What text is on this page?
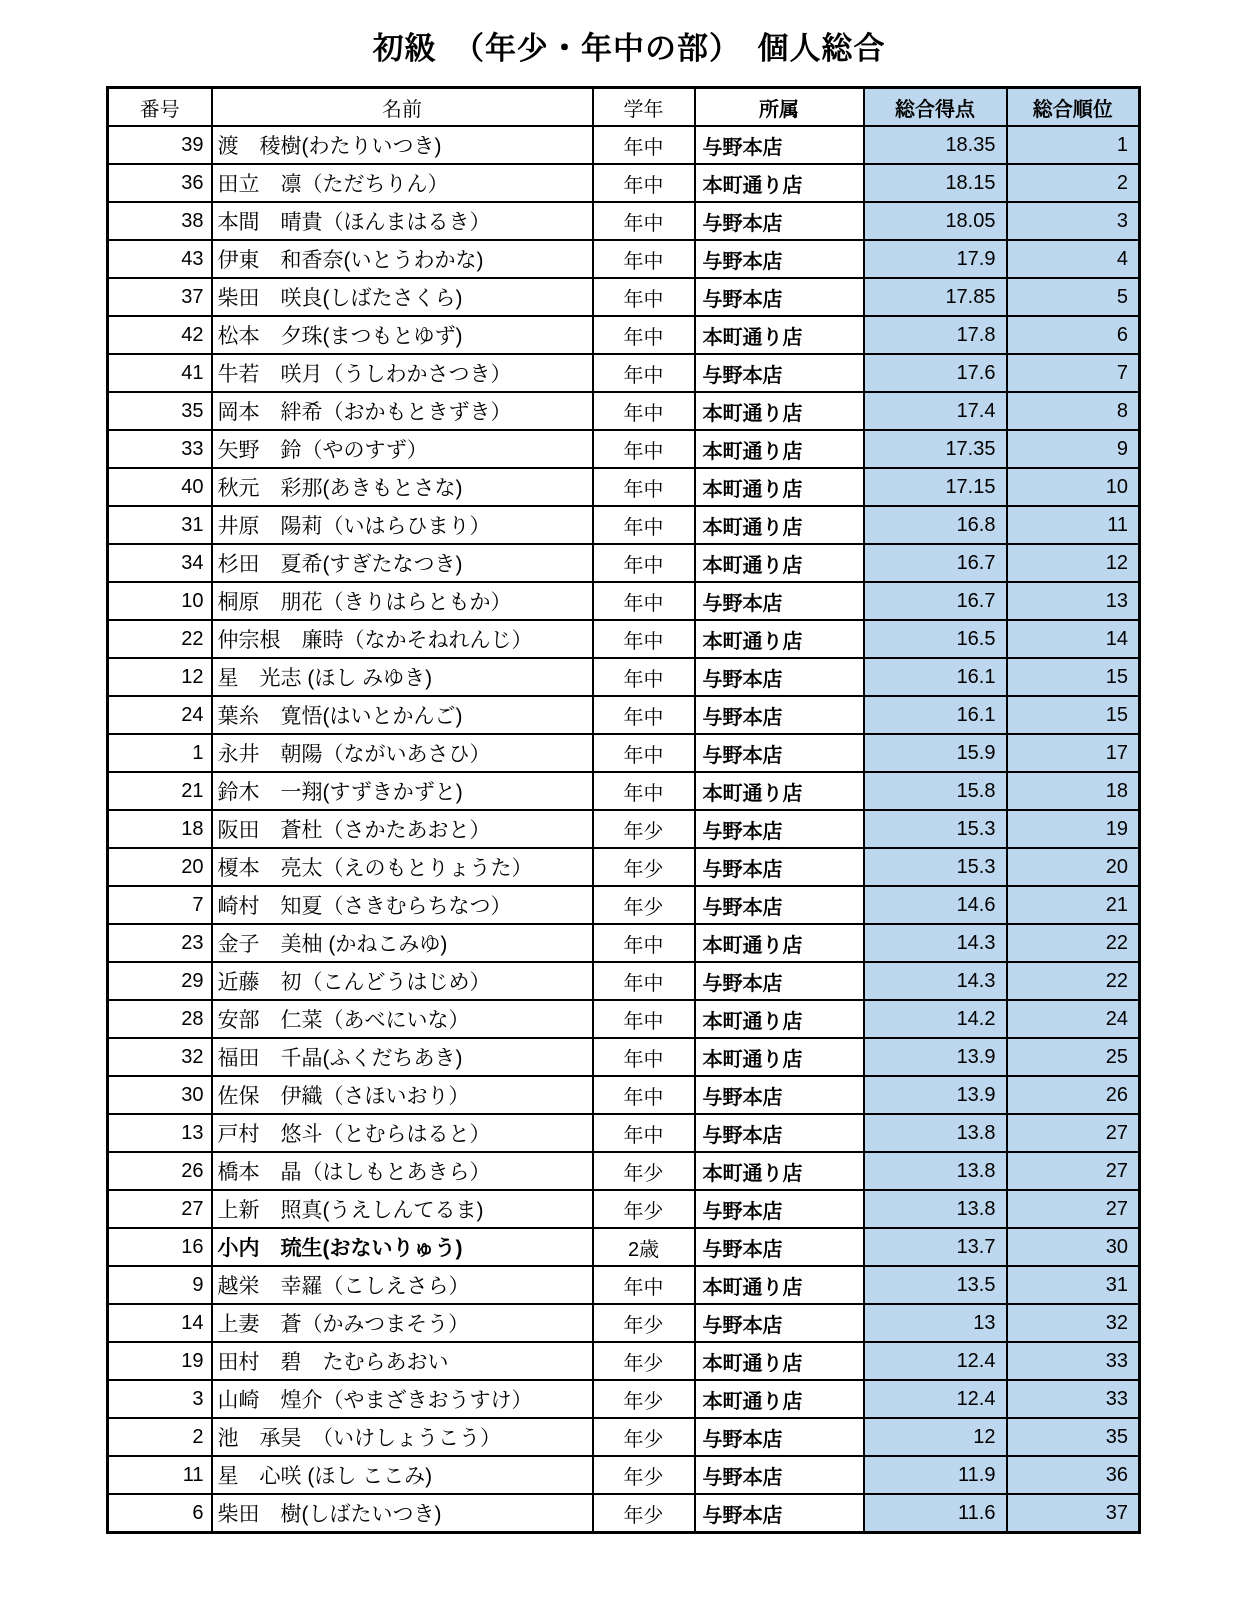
初級　（年少・年中の部）　個人総合
番号	名前	学年	所属	総合得点	総合順位
39	渡　稜樹(わたりいつき)	年中	与野本店	18.35	1
36	田立　凛（ただちりん）	年中	本町通り店	18.15	2
38	本間　晴貴（ほんまはるき）	年中	与野本店	18.05	3
43	伊東　和香奈(いとうわかな)	年中	与野本店	17.9	4
37	柴田　咲良(しばたさくら)	年中	与野本店	17.85	5
42	松本　夕珠(まつもとゆず)	年中	本町通り店	17.8	6
41	牛若　咲月（うしわかさつき）	年中	与野本店	17.6	7
35	岡本　絆希（おかもときずき）	年中	本町通り店	17.4	8
33	矢野　鈴（やのすず）	年中	本町通り店	17.35	9
40	秋元　彩那(あきもとさな)	年中	本町通り店	17.15	10
31	井原　陽莉（いはらひまり）	年中	本町通り店	16.8	11
34	杉田　夏希(すぎたなつき)	年中	本町通り店	16.7	12
10	桐原　朋花（きりはらともか）	年中	与野本店	16.7	13
22	仲宗根　廉時（なかそねれんじ）	年中	本町通り店	16.5	14
12	星　光志 (ほし みゆき)	年中	与野本店	16.1	15
24	葉糸　寛悟(はいとかんご)	年中	与野本店	16.1	15
1	永井　朝陽（ながいあさひ）	年中	与野本店	15.9	17
21	鈴木　一翔(すずきかずと)	年中	本町通り店	15.8	18
18	阪田　蒼杜（さかたあおと）	年少	与野本店	15.3	19
20	榎本　亮太（えのもとりょうた）	年少	与野本店	15.3	20
7	崎村　知夏（さきむらちなつ）	年少	与野本店	14.6	21
23	金子　美柚 (かねこみゆ)	年中	本町通り店	14.3	22
29	近藤　初（こんどうはじめ）	年中	与野本店	14.3	22
28	安部　仁菜（あべにいな）	年中	本町通り店	14.2	24
32	福田　千晶(ふくだちあき)	年中	本町通り店	13.9	25
30	佐保　伊織（さほいおり）	年中	与野本店	13.9	26
13	戸村　悠斗（とむらはると）	年中	与野本店	13.8	27
26	橋本　晶（はしもとあきら）	年少	本町通り店	13.8	27
27	上新　照真(うえしんてるま)	年少	与野本店	13.8	27
16	小内　琉生(おないりゅう)	2歳	与野本店	13.7	30
9	越栄　幸羅（こしえさら）	年中	本町通り店	13.5	31
14	上妻　蒼（かみつまそう）	年少	与野本店	13	32
19	田村　碧　たむらあおい	年少	本町通り店	12.4	33
3	山崎　煌介（やまざきおうすけ）	年少	本町通り店	12.4	33
2	池　承昊　（いけしょうこう）	年少	与野本店	12	35
11	星　心咲 (ほし ここみ)	年少	与野本店	11.9	36
6	柴田　樹(しばたいつき)	年少	与野本店	11.6	37
